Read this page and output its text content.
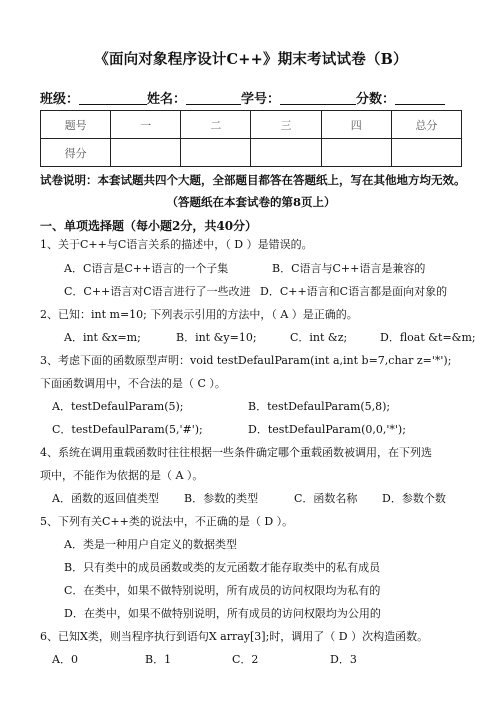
《面向对象程序设计C++》期末考试试卷（B）
班级：	姓名：	学号：	分数：
题号	一	二	三	四	总分
得分					
试卷说明：本套试题共四个大题，全部题目都答在答题纸上，写在其他地方均无效。
（答题纸在本套试卷的第8页上）
一、单项选择题（每小题2分，共40分）
1、关于C++与C语言关系的描述中，（ D ）是错误的。
A．C语言是C++语言的一个子集	B．C语言与C++语言是兼容的
C．C++语言对C语言进行了一些改进 D．C++语言和C语言都是面向对象的
2、已知：int m=10; 下列表示引用的方法中，（ A ）是正确的。
A．int &x=m;	B．int &y=10;	C．int &z;	D．float &t=&m;
3、考虑下面的函数原型声明：void testDefaulParam(int a,int b=7,char z='*');
下面函数调用中，不合法的是（ C ）。
A．testDefaulParam(5);	B．testDefaulParam(5,8);
C．testDefaulParam(5,'#');	D．testDefaulParam(0,0,'*');
4、系统在调用重载函数时往往根据一些条件确定哪个重载函数被调用，在下列选
项中，不能作为依据的是（ A ）。
A．函数的返回值类型 B．参数的类型	C．函数名称 D．参数个数
5、下列有关C++类的说法中，不正确的是（ D ）。
A．类是一种用户自定义的数据类型
B．只有类中的成员函数或类的友元函数才能存取类中的私有成员
C．在类中，如果不做特别说明，所有成员的访问权限均为私有的
D．在类中，如果不做特别说明，所有成员的访问权限均为公用的
6、已知X类，则当程序执行到语句X array[3];时，调用了（ D ）次构造函数。
A．0	B．1	C．2	D．3
